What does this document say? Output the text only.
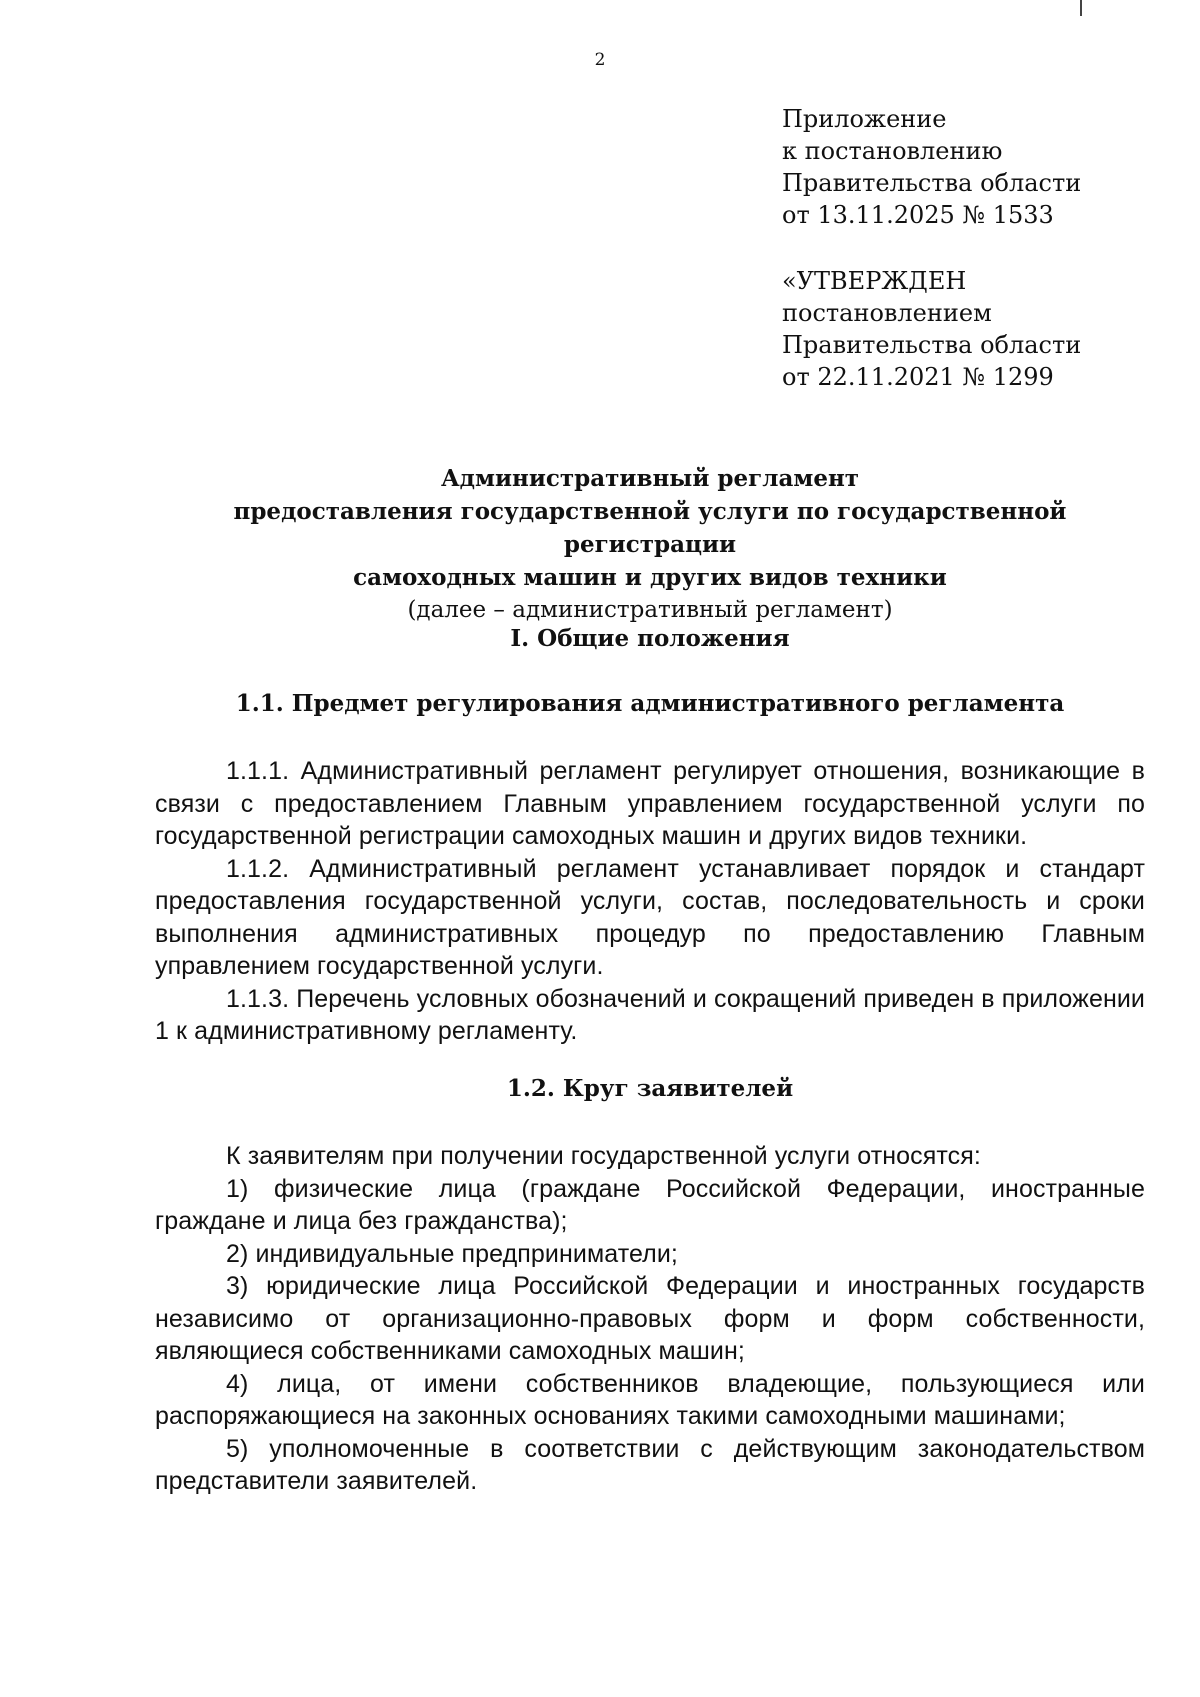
2
Приложение
к постановлению
Правительства области
от 13.11.2025 № 1533
«УТВЕРЖДЕН
постановлением
Правительства области
от 22.11.2021 № 1299
Административный регламент
предоставления государственной услуги по государственной регистрации
самоходных машин и других видов техники
(далее – административный регламент)
I. Общие положения
1.1. Предмет регулирования административного регламента

1.1.1. Административный регламент регулирует отношения, возникающие в связи с предоставлением Главным управлением государственной услуги по государственной регистрации самоходных машин и других видов техники.

1.1.2. Административный регламент устанавливает порядок и стандарт предоставления государственной услуги, состав, последовательность и сроки выполнения административных процедур по предоставлению Главным управлением государственной услуги.

1.1.3. Перечень условных обозначений и сокращений приведен в приложении 1 к административному регламенту.

1.2. Круг заявителей

К заявителям при получении государственной услуги относятся:

1) физические лица (граждане Российской Федерации, иностранные граждане и лица без гражданства);

2) индивидуальные предприниматели;

3) юридические лица Российской Федерации и иностранных государств независимо от организационно-правовых форм и форм собственности, являющиеся собственниками самоходных машин;

4) лица, от имени собственников владеющие, пользующиеся или распоряжающиеся на законных основаниях такими самоходными машинами;

5) уполномоченные в соответствии с действующим законодательством представители заявителей.
